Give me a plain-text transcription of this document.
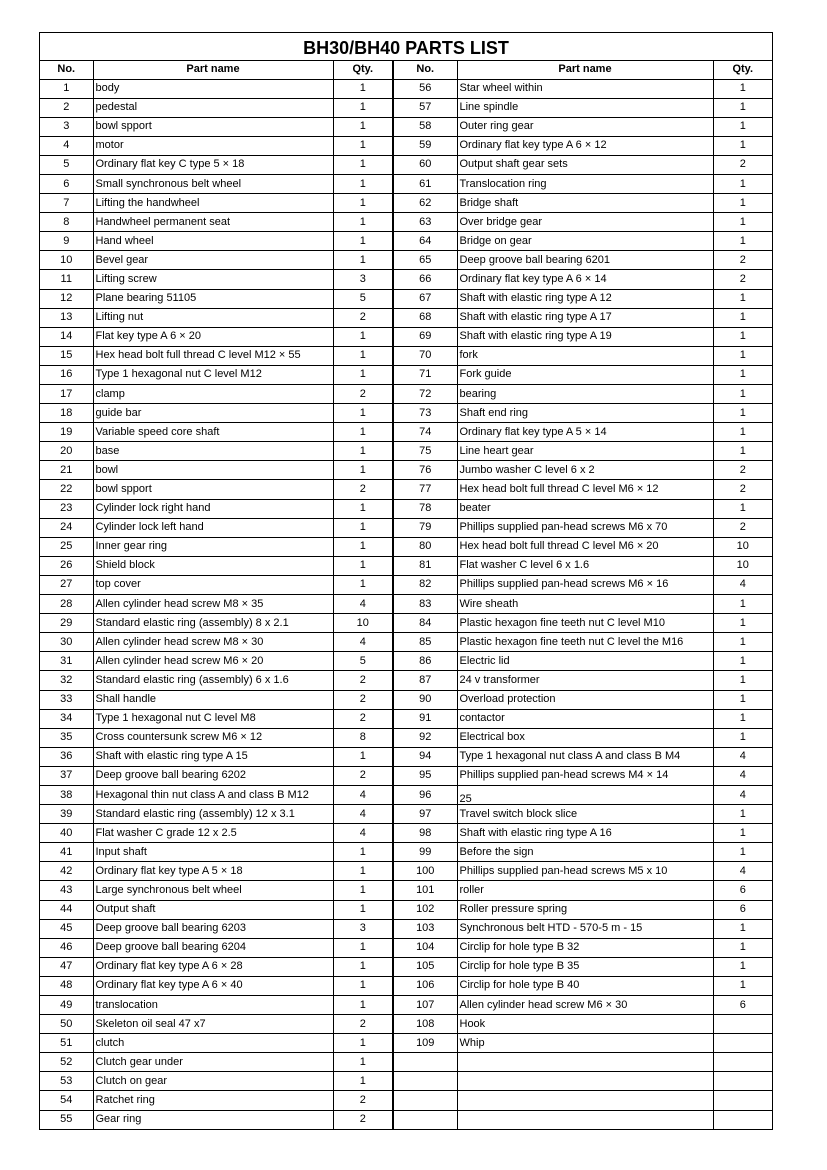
BH30/BH40 PARTS LIST
No.	Part name	Qty.	No.	Part name	Qty.
1	body	1	56	Star wheel within	1
2	pedestal	1	57	Line spindle	1
3	bowl spport	1	58	Outer ring gear	1
4	motor	1	59	Ordinary flat key type A 6 × 12	1
5	Ordinary flat key C type 5 × 18	1	60	Output shaft gear sets	2
6	Small synchronous belt wheel	1	61	Translocation ring	1
7	Lifting the handwheel	1	62	Bridge shaft	1
8	Handwheel permanent seat	1	63	Over bridge gear	1
9	Hand wheel	1	64	Bridge on gear	1
10	Bevel gear	1	65	Deep groove ball bearing 6201	2
11	Lifting screw	3	66	Ordinary flat key type A 6 × 14	2
12	Plane bearing 51105	5	67	Shaft with elastic ring type A 12	1
13	Lifting nut	2	68	Shaft with elastic ring type A 17	1
14	Flat key type A 6 × 20	1	69	Shaft with elastic ring type A 19	1
15	Hex head bolt full thread C level M12 × 55	1	70	fork	1
16	Type 1 hexagonal nut C level M12	1	71	Fork guide	1
17	clamp	2	72	bearing	1
18	guide bar	1	73	Shaft end ring	1
19	Variable speed core shaft	1	74	Ordinary flat key type A 5 × 14	1
20	base	1	75	Line heart gear	1
21	bowl	1	76	Jumbo washer C level 6 x 2	2
22	bowl spport	2	77	Hex head bolt full thread C level M6 × 12	2
23	Cylinder lock right hand	1	78	beater	1
24	Cylinder lock left hand	1	79	Phillips supplied pan-head screws M6 x 70	2
25	Inner gear ring	1	80	Hex head bolt full thread C level M6 × 20	10
26	Shield block	1	81	Flat washer C level 6 x 1.6	10
27	top cover	1	82	Phillips supplied pan-head screws M6 × 16	4
28	Allen cylinder head screw M8 × 35	4	83	Wire sheath	1
29	Standard elastic ring (assembly) 8 x 2.1	10	84	Plastic hexagon fine teeth nut C level M10	1
30	Allen cylinder head screw M8 × 30	4	85	Plastic hexagon fine teeth nut C level the M16	1
31	Allen cylinder head screw M6 × 20	5	86	Electric lid	1
32	Standard elastic ring (assembly) 6 x 1.6	2	87	24 v transformer	1
33	Shall handle	2	90	Overload protection	1
34	Type 1 hexagonal nut C level M8	2	91	contactor	1
35	Cross countersunk screw M6 × 12	8	92	Electrical box	1
36	Shaft with elastic ring type A 15	1	94	Type 1 hexagonal nut class A and class B M4	4
37	Deep groove ball bearing 6202	2	95	Phillips supplied pan-head screws M4 × 14	4
38	Hexagonal thin nut class A and class B M12	4	96	25	4
39	Standard elastic ring (assembly) 12 x 3.1	4	97	Travel switch block slice	1
40	Flat washer C grade 12 x 2.5	4	98	Shaft with elastic ring type A 16	1
41	Input shaft	1	99	Before the sign	1
42	Ordinary flat key type A 5 × 18	1	100	Phillips supplied pan-head screws M5 x 10	4
43	Large synchronous belt wheel	1	101	roller	6
44	Output shaft	1	102	Roller pressure spring	6
45	Deep groove ball bearing 6203	3	103	Synchronous belt HTD - 570-5 m - 15	1
46	Deep groove ball bearing 6204	1	104	Circlip for hole type B 32	1
47	Ordinary flat key type A 6 × 28	1	105	Circlip for hole type B 35	1
48	Ordinary flat key type A 6 × 40	1	106	Circlip for hole type B 40	1
49	translocation	1	107	Allen cylinder head screw M6 × 30	6
50	Skeleton oil seal 47 x7	2	108	Hook	
51	clutch	1	109	Whip	
52	Clutch gear under	1			
53	Clutch on gear	1			
54	Ratchet ring	2			
55	Gear ring	2			
